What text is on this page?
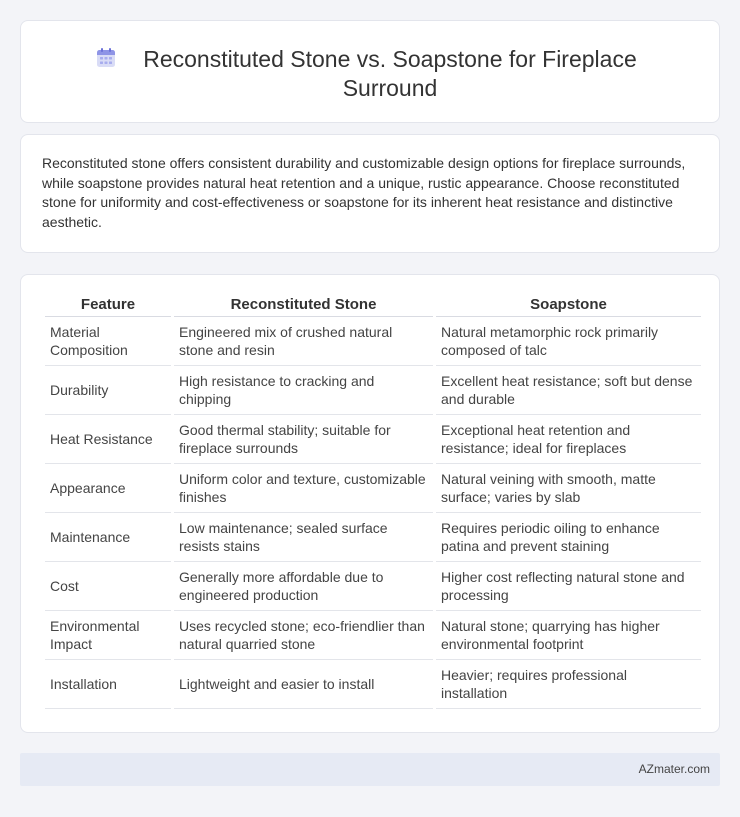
Reconstituted Stone vs. Soapstone for Fireplace Surround

Reconstituted stone offers consistent durability and customizable design options for fireplace surrounds, while soapstone provides natural heat retention and a unique, rustic appearance. Choose reconstituted stone for uniformity and cost-effectiveness or soapstone for its inherent heat resistance and distinctive aesthetic.

Feature	Reconstituted Stone	Soapstone
Material Composition	Engineered mix of crushed natural stone and resin	Natural metamorphic rock primarily composed of talc
Durability	High resistance to cracking and chipping	Excellent heat resistance; soft but dense and durable
Heat Resistance	Good thermal stability; suitable for fireplace surrounds	Exceptional heat retention and resistance; ideal for fireplaces
Appearance	Uniform color and texture, customizable finishes	Natural veining with smooth, matte surface; varies by slab
Maintenance	Low maintenance; sealed surface resists stains	Requires periodic oiling to enhance patina and prevent staining
Cost	Generally more affordable due to engineered production	Higher cost reflecting natural stone and processing
Environmental Impact	Uses recycled stone; eco-friendlier than natural quarried stone	Natural stone; quarrying has higher environmental footprint
Installation	Lightweight and easier to install	Heavier; requires professional installation
AZmater.com
